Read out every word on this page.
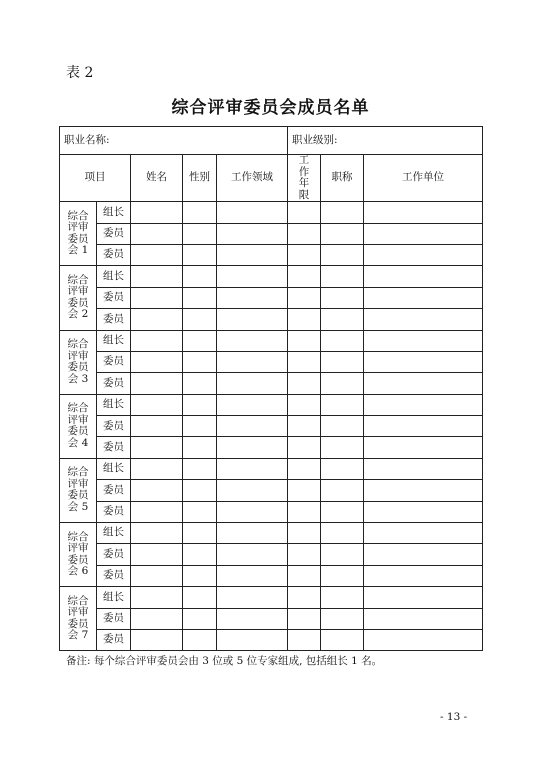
表 2
综合评审委员会成员名单
职业名称:					职业级别:		
项目		姓名	性别	工作领域	工作年限	职称	工作单位

综合
评审
委员
会 1	组长						
	委员						
	委员						

综合
评审
委员
会 2	组长						
	委员						
	委员						

综合
评审
委员
会 3	组长						
	委员						
	委员						

综合
评审
委员
会 4	组长						
	委员						
	委员						

综合
评审
委员
会 5	组长						
	委员						
	委员						

综合
评审
委员
会 6	组长						
	委员						
	委员						

综合
评审
委员
会 7	组长						
	委员						
	委员						
备注: 每个综合评审委员会由 3 位或 5 位专家组成, 包括组长 1 名。
- 13 -
